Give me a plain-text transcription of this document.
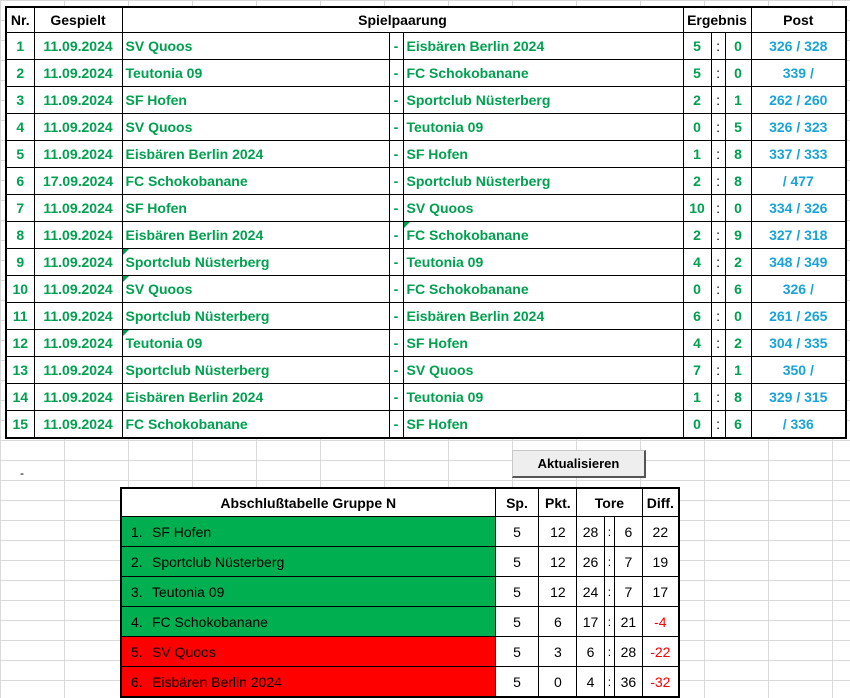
Nr.	Gespielt	Spielpaarung			Ergebnis			Post
1	11.09.2024	SV Quoos	-	Eisbären Berlin 2024	5	:	0	326 / 328
2	11.09.2024	Teutonia 09	-	FC Schokobanane	5	:	0	339 /
3	11.09.2024	SF Hofen	-	Sportclub Nüsterberg	2	:	1	262 / 260
4	11.09.2024	SV Quoos	-	Teutonia 09	0	:	5	326 / 323
5	11.09.2024	Eisbären Berlin 2024	-	SF Hofen	1	:	8	337 / 333
6	17.09.2024	FC Schokobanane	-	Sportclub Nüsterberg	2	:	8	/ 477
7	11.09.2024	SF Hofen	-	SV Quoos	10	:	0	334 / 326
8	11.09.2024	Eisbären Berlin 2024	-	FC Schokobanane	2	:	9	327 / 318
9	11.09.2024	Sportclub Nüsterberg	-	Teutonia 09	4	:	2	348 / 349
10	11.09.2024	SV Quoos	-	FC Schokobanane	0	:	6	326 /
11	11.09.2024	Sportclub Nüsterberg	-	Eisbären Berlin 2024	6	:	0	261 / 265
12	11.09.2024	Teutonia 09	-	SF Hofen	4	:	2	304 / 335
13	11.09.2024	Sportclub Nüsterberg	-	SV Quoos	7	:	1	350 /
14	11.09.2024	Eisbären Berlin 2024	-	Teutonia 09	1	:	8	329 / 315
15	11.09.2024	FC Schokobanane	-	SF Hofen	0	:	6	/ 336
-
Aktualisieren
Abschlußtabelle Gruppe N	Sp.	Pkt.	Tore			Diff.
1. SF Hofen	5	12	28	:	6	22
2. Sportclub Nüsterberg	5	12	26	:	7	19
3. Teutonia 09	5	12	24	:	7	17
4. FC Schokobanane	5	6	17	:	21	-4
5. SV Quoos	5	3	6	:	28	-22
6. Eisbären Berlin 2024	5	0	4	:	36	-32
